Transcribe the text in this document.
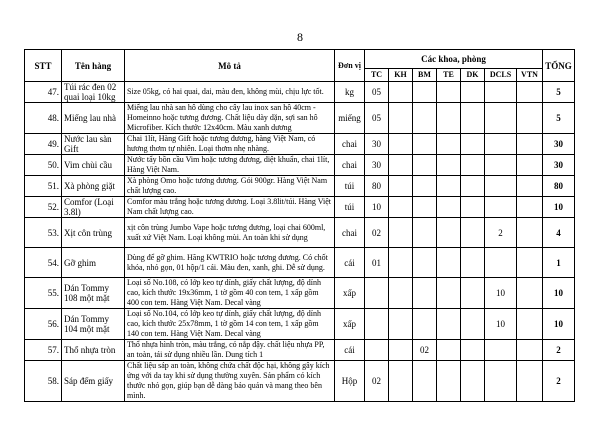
8
STT	Tên hàng	Mô tả	Đơn vị	Các khoa, phòng							TỔNG
				TC	KH	BM	TE	DK	DCLS	VTN	
47.	Túi rác đen 02 quai loại 10kg	Size 05kg, có hai quai, dai, màu đen, không mùi, chịu lực tốt.	kg	05							5
48.	Miếng lau nhà	Miếng lau nhà san hô dùng cho cây lau inox san hô 40cm - Homeinno hoặc tương đương. Chất liệu dày dặn, sợi san hô Microfiber. Kích thước 12x40cm. Màu xanh dương	miếng	05							5
49.	Nước lau sàn Gift	Chai 1lít, Hàng Gift hoặc tương đương, hàng Việt Nam, có hương thơm tự nhiên. Loại thơm nhẹ nhàng.	chai	30							30
50.	Vim chùi cầu	Nước tẩy bồn cầu Vim hoặc tương đương, diệt khuẩn, chai 1lít, Hàng Việt Nam.	chai	30							30
51.	Xà phòng giặt	Xà phòng Omo hoặc tương đương. Gói 900gr. Hàng Việt Nam chất lượng cao.	túi	80							80
52.	Comfor (Loại 3.8l)	Comfor màu trắng hoặc tương đương. Loại 3.8lit/túi. Hàng Việt Nam chất lượng cao.	túi	10							10
53.	Xịt côn trùng	xịt côn trùng Jumbo Vape hoặc tương đương, loại chai 600ml, xuất xứ Việt Nam. Loại không mùi. An toàn khi sử dụng	chai	02					2		4
54.	Gỡ ghim	Dùng để gỡ ghim. Hãng KWTRIO hoặc tương đương. Có chốt khóa, nhỏ gọn, 01 hộp/1 cái. Màu đen, xanh, ghi. Dễ sử dụng.	cái	01							1
55.	Dán Tommy 108 một mặt	Loại số No.108, có lớp keo tự dính, giấy chất lượng, độ dính cao, kích thước 19x36mm, 1 tờ gồm 40 con tem, 1 xấp gồm 400 con tem. Hàng Việt Nam. Decal vàng	xấp						10		10
56.	Dán Tommy 104 một mặt	Loại số No.104, có lớp keo tự dính, giấy chất lượng, độ dính cao, kích thước 25x78mm, 1 tờ gồm 14 con tem, 1 xấp gồm 140 con tem. Hàng Việt Nam. Decal vàng	xấp						10		10
57.	Thổ nhựa tròn	Thổ nhựa hình tròn, màu trắng, có nắp đậy. chất liệu nhựa PP, an toàn, tái sử dụng nhiều lần. Dung tích 1	cái			02					2
58.	Sáp đếm giấy	Chất liệu sáp an toàn, không chứa chất độc hại, không gây kích ứng với da tay khi sử dụng thường xuyên. Sản phẩm có kích thước nhỏ gọn, giúp bạn dễ dàng bảo quản và mang theo bên mình.	Hộp	02							2
